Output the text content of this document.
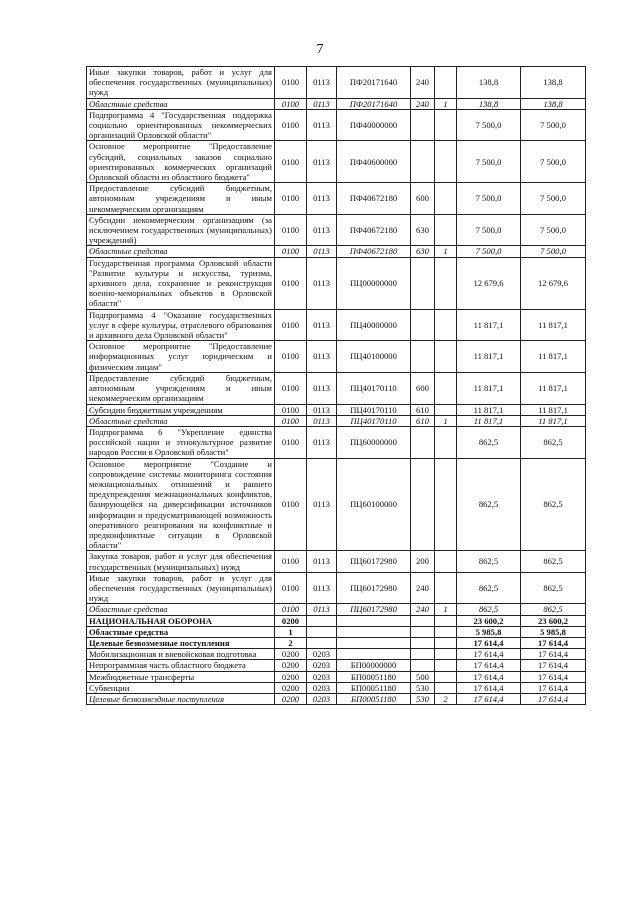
7
Иные закупки товаров, работ и услуг для обеспечения государственных (муниципальных) нужд	0100	0113	ПФ20171640	240		138,8	138,8
Областные средства	0100	0113	ПФ20171640	240	1	138,8	138,8
Подпрограмма 4 "Государственная поддержка социально ориентированных некоммерческих организаций Орловской области"	0100	0113	ПФ40000000			7 500,0	7 500,0
Основное мероприятие "Предоставление субсидий, социальных заказов социально ориентированных коммерческих организаций Орловской области из областного бюджета"	0100	0113	ПФ40600000			7 500,0	7 500,0
Предоставление субсидий бюджетным, автономным учреждениям и иным некоммерческим организациям	0100	0113	ПФ40672180	600		7 500,0	7 500,0
Субсидии некоммерческим организациям (за исключением государственных (муниципальных) учреждений)	0100	0113	ПФ40672180	630		7 500,0	7 500,0
Областные средства	0100	0113	ПФ40672180	630	1	7 500,0	7 500,0
Государственная программа Орловской области "Развитие культуры и искусства, туризма, архивного дела, сохранение и реконструкция военно-мемориальных объектов в Орловской области"	0100	0113	ПЦ00000000			12 679,6	12 679,6
Подпрограмма 4 "Оказание государственных услуг в сфере культуры, отраслевого образования и архивного дела Орловской области"	0100	0113	ПЦ40000000			11 817,1	11 817,1
Основное мероприятие "Предоставление информационных услуг юридическим и физическим лицам"	0100	0113	ПЦ40100000			11 817,1	11 817,1
Предоставление субсидий бюджетным, автономным учреждениям и иным некоммерческим организациям	0100	0113	ПЦ40170110	600		11 817,1	11 817,1
Субсидии бюджетным учреждениям	0100	0113	ПЦ40170110	610		11 817,1	11 817,1
Областные средства	0100	0113	ПЦ40170110	610	1	11 817,1	11 817,1
Подпрограмма 6 "Укрепление единства российской нации и этнокультурное развитие народов России в Орловской области"	0100	0113	ПЦ60000000			862,5	862,5
Основное мероприятие "Создание и сопровождение системы мониторинга состояния межнациональных отношений и раннего предупреждения межнациональных конфликтов, базирующейся на диверсификации источников информации и предусматривающей возможность оперативного реагирования на конфликтные и предконфликтные ситуации в Орловской области"	0100	0113	ПЦ60100000			862,5	862,5
Закупка товаров, работ и услуг для обеспечения государственных (муниципальных) нужд	0100	0113	ПЦ60172980	200		862,5	862,5
Иные закупки товаров, работ и услуг для обеспечения государственных (муниципальных) нужд	0100	0113	ПЦ60172980	240		862,5	862,5
Областные средства	0100	0113	ПЦ60172980	240	1	862,5	862,5
НАЦИОНАЛЬНАЯ ОБОРОНА	0200					23 600,2	23 600,2
Областные средства	1					5 985,8	5 985,8
Целевые безвозмезные поступления	2					17 614,4	17 614,4
Мобилизационная и вневойсковая подготовка	0200	0203				17 614,4	17 614,4
Непрограммная часть областного бюджета	0200	0203	БП00000000			17 614,4	17 614,4
Межбюджетные трансферты	0200	0203	БП00051180	500		17 614,4	17 614,4
Субвенции	0200	0203	БП00051180	530		17 614,4	17 614,4
Целевые безвозмездные поступления	0200	0203	БП00051180	530	2	17 614,4	17 614,4
